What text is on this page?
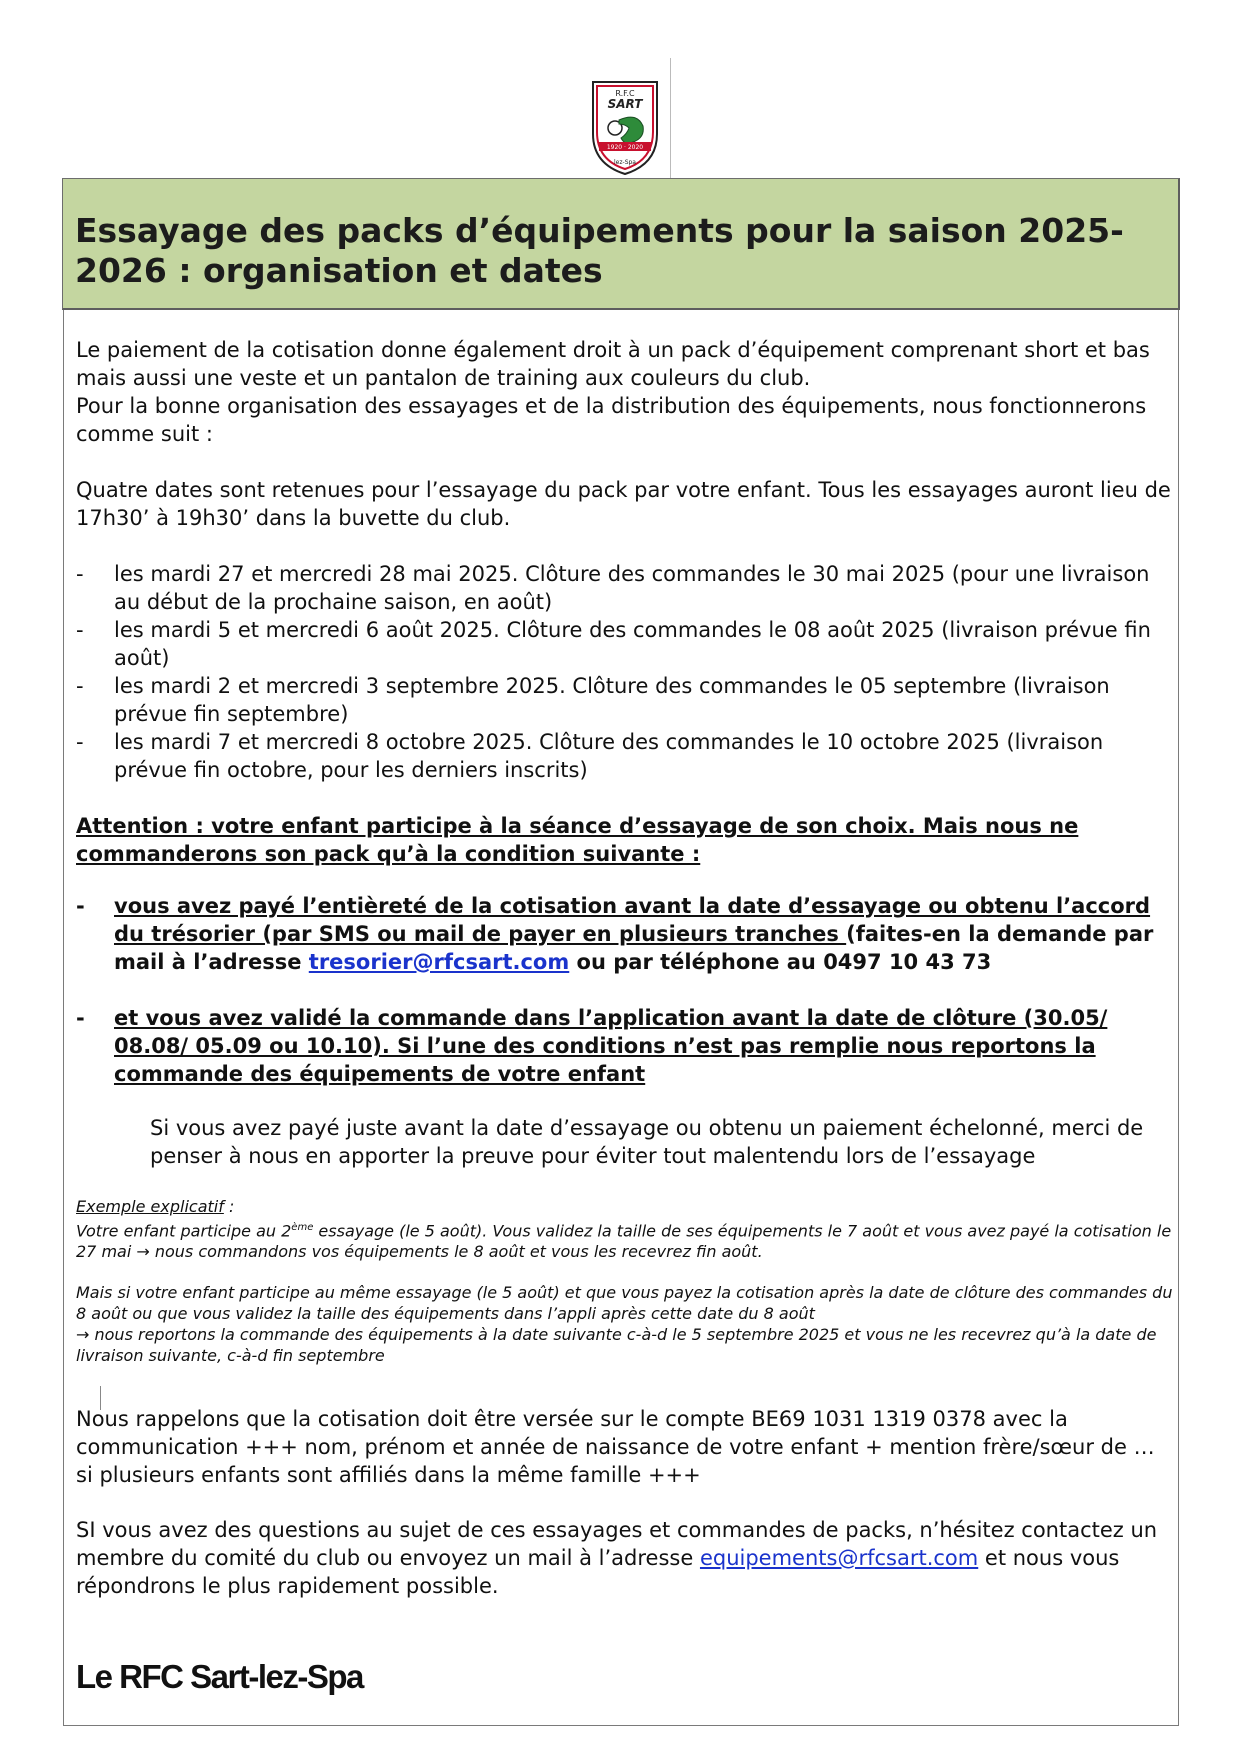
R.F.C
SART
1920 · 2020
lez-Spa
Essayage des packs d’équipements pour la saison 2025-2026 : organisation et dates

Le paiement de la cotisation donne également droit à un pack d’équipement comprenant short et bas mais aussi une veste et un pantalon de training aux couleurs du club.

Pour la bonne organisation des essayages et de la distribution des équipements, nous fonctionnerons comme suit :

Quatre dates sont retenues pour l’essayage du pack par votre enfant. Tous les essayages auront lieu de 17h30’ à 19h30’ dans la buvette du club.

- les mardi 27 et mercredi 28 mai 2025. Clôture des commandes le 30 mai 2025 (pour une livraison au début de la prochaine saison, en août)
- les mardi 5 et mercredi 6 août 2025. Clôture des commandes le 08 août 2025 (livraison prévue fin août)
- les mardi 2 et mercredi 3 septembre 2025. Clôture des commandes le 05 septembre (livraison prévue fin septembre)
- les mardi 7 et mercredi 8 octobre 2025. Clôture des commandes le 10 octobre 2025 (livraison prévue fin octobre, pour les derniers inscrits)

Attention : votre enfant participe à la séance d’essayage de son choix. Mais nous ne commanderons son pack qu’à la condition suivante :

- vous avez payé l’entièreté de la cotisation avant la date d’essayage ou obtenu l’accord du trésorier (par SMS ou mail de payer en plusieurs tranches (faites-en la demande par mail à l’adresse tresorier@rfcsart.com ou par téléphone au 0497 10 43 73
- et vous avez validé la commande dans l’application avant la date de clôture (30.05/ 08.08/ 05.09 ou 10.10). Si l’une des conditions n’est pas remplie nous reportons la commande des équipements de votre enfant

Si vous avez payé juste avant la date d’essayage ou obtenu un paiement échelonné, merci de penser à nous en apporter la preuve pour éviter tout malentendu lors de l’essayage

Exemple explicatif :
Votre enfant participe au 2ème essayage (le 5 août). Vous validez la taille de ses équipements le 7 août et vous avez payé la cotisation le 27 mai → nous commandons vos équipements le 8 août et vous les recevrez fin août.
Mais si votre enfant participe au même essayage (le 5 août) et que vous payez la cotisation après la date de clôture des commandes du 8 août ou que vous validez la taille des équipements dans l’appli après cette date du 8 août
→ nous reportons la commande des équipements à la date suivante c-à-d le 5 septembre 2025 et vous ne les recevrez qu’à la date de livraison suivante, c-à-d fin septembre

Nous rappelons que la cotisation doit être versée sur le compte BE69 1031 1319 0378 avec la communication +++ nom, prénom et année de naissance de votre enfant + mention frère/sœur de … si plusieurs enfants sont affiliés dans la même famille +++

SI vous avez des questions au sujet de ces essayages et commandes de packs, n’hésitez contactez un membre du comité du club ou envoyez un mail à l’adresse equipements@rfcsart.com et nous vous répondrons le plus rapidement possible.

Le RFC Sart-lez-Spa
